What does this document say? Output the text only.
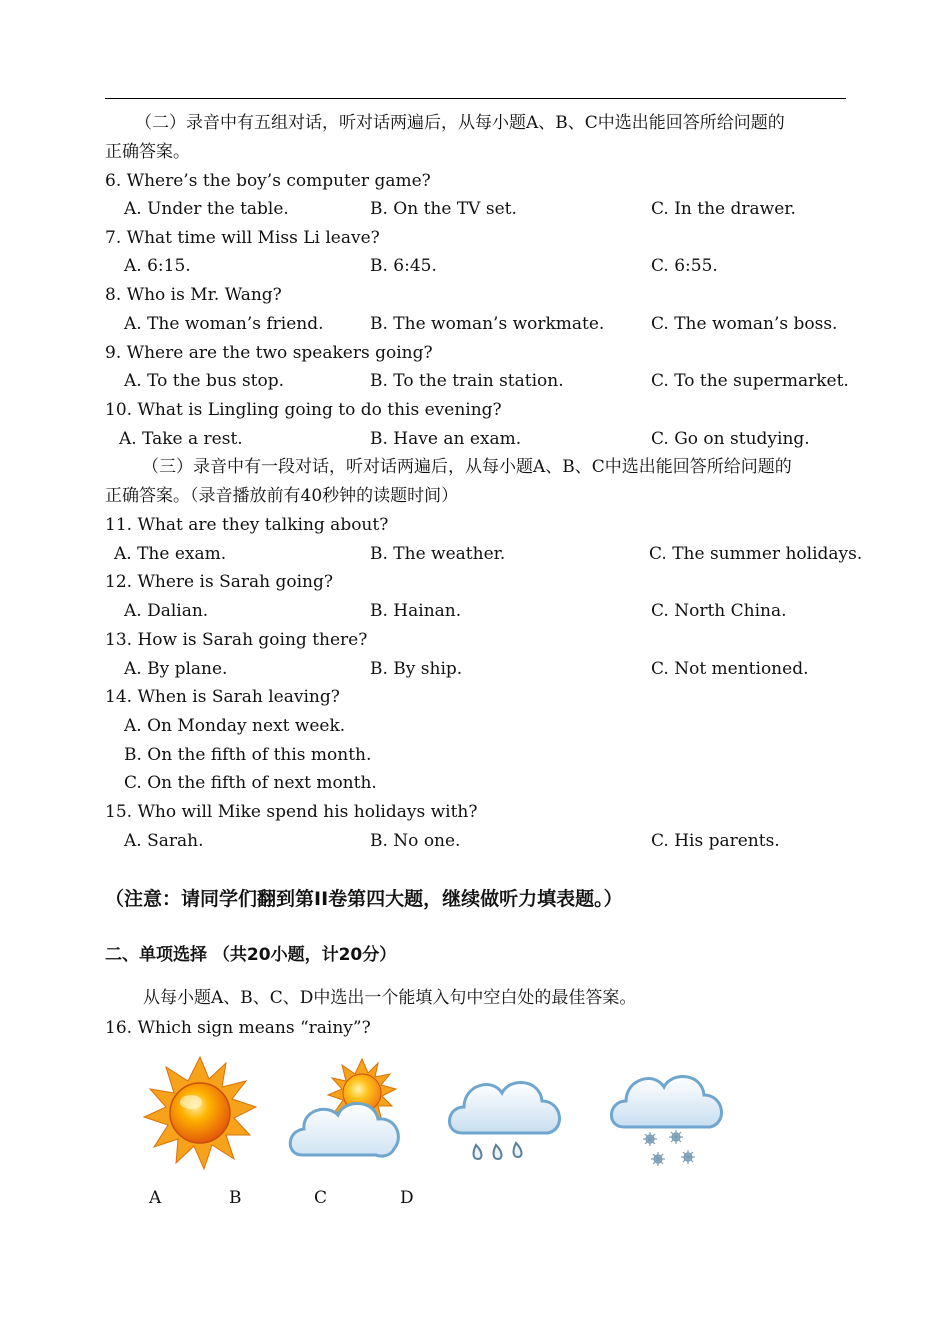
（二）录音中有五组对话，听对话两遍后，从每小题A、B、C中选出能回答所给问题的
正确答案。
6. Where’s the boy’s computer game?
A. Under the table.	B. On the TV set.	C. In the drawer.
7. What time will Miss Li leave?
A. 6:15.	B. 6:45.	C. 6:55.
8. Who is Mr. Wang?
A. The woman’s friend.	B. The woman’s workmate.	C. The woman’s boss.
9. Where are the two speakers going?
A. To the bus stop.	B. To the train station.	C. To the supermarket.
10. What is Lingling going to do this evening?
A. Take a rest.	B. Have an exam.	C. Go on studying.
（三）录音中有一段对话，听对话两遍后，从每小题A、B、C中选出能回答所给问题的
正确答案。（录音播放前有40秒钟的读题时间）
11. What are they talking about?
A. The exam.	B. The weather.	C. The summer holidays.
12. Where is Sarah going?
A. Dalian.	B. Hainan.	C. North China.
13. How is Sarah going there?
A. By plane.	B. By ship.	C. Not mentioned.
14. When is Sarah leaving?
A. On Monday next week.
B. On the fifth of this month.
C. On the fifth of next month.
15. Who will Mike spend his holidays with?
A. Sarah.	B. No one.	C. His parents.
（注意：请同学们翻到第II卷第四大题，继续做听力填表题。）
二、单项选择 （共20小题，计20分）
从每小题A、B、C、D中选出一个能填入句中空白处的最佳答案。
16. Which sign means “rainy”?
A	B	C	D
